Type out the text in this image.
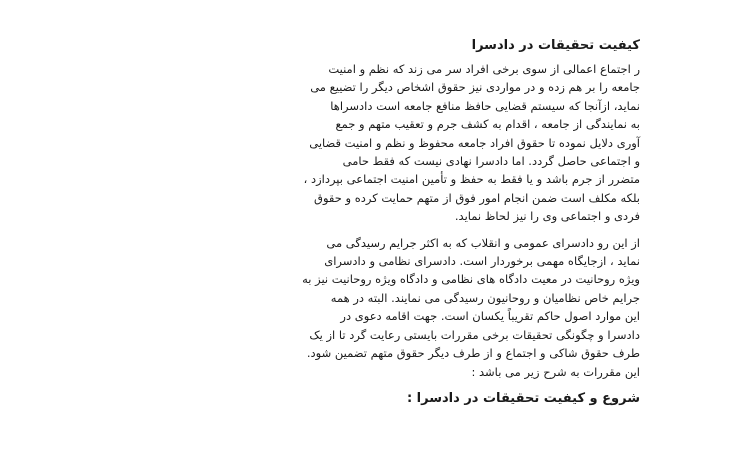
کیفیت تحقیقات در دادسرا
ر اجتماع اعمالی از سوی برخی افراد سر می زند که نظم و امنیت
جامعه را بر هم زده و در مواردی نیز حقوق اشخاص دیگر را تضییع می
نماید، ازآنجا که سیستم قضایی حافظ منافع جامعه است دادسراها
به نمایندگی از جامعه ، اقدام به کشف جرم و تعقیب متهم و جمع
آوری دلایل نموده تا حقوق افراد جامعه محفوظ و نظم و امنیت قضایی
و اجتماعی حاصل گردد. اما دادسرا نهادی نیست که فقط حامی
متضرر از جرم باشد و یا فقط به حفظ و تأمین امنیت اجتماعی بپردازد ،
بلکه مکلف است ضمن انجام امور فوق از متهم حمایت کرده و حقوق
فردی و اجتماعی وی را نیز لحاظ نماید.
از این رو دادسرای عمومی و انقلاب که به اکثر جرایم رسیدگی می
نماید ، ازجایگاه مهمی برخوردار است. دادسرای نظامی و دادسرای
ویژه روحانیت در معیت دادگاه های نظامی و دادگاه ویژه روحانیت نیز به
جرایم خاص نظامیان و روحانیون رسیدگی می نمایند. البته در همه
این موارد اصول حاکم تقریباً یکسان است. جهت اقامه دعوی در
دادسرا و چگونگی تحقیقات برخی مقررات بایستی رعایت گرد تا از یک
طرف حقوق شاکی و اجتماع و از طرف دیگر حقوق متهم تضمین شود.
این مقررات به شرح زیر می باشد :
شروع و کیفیت تحقیقات در دادسرا :
